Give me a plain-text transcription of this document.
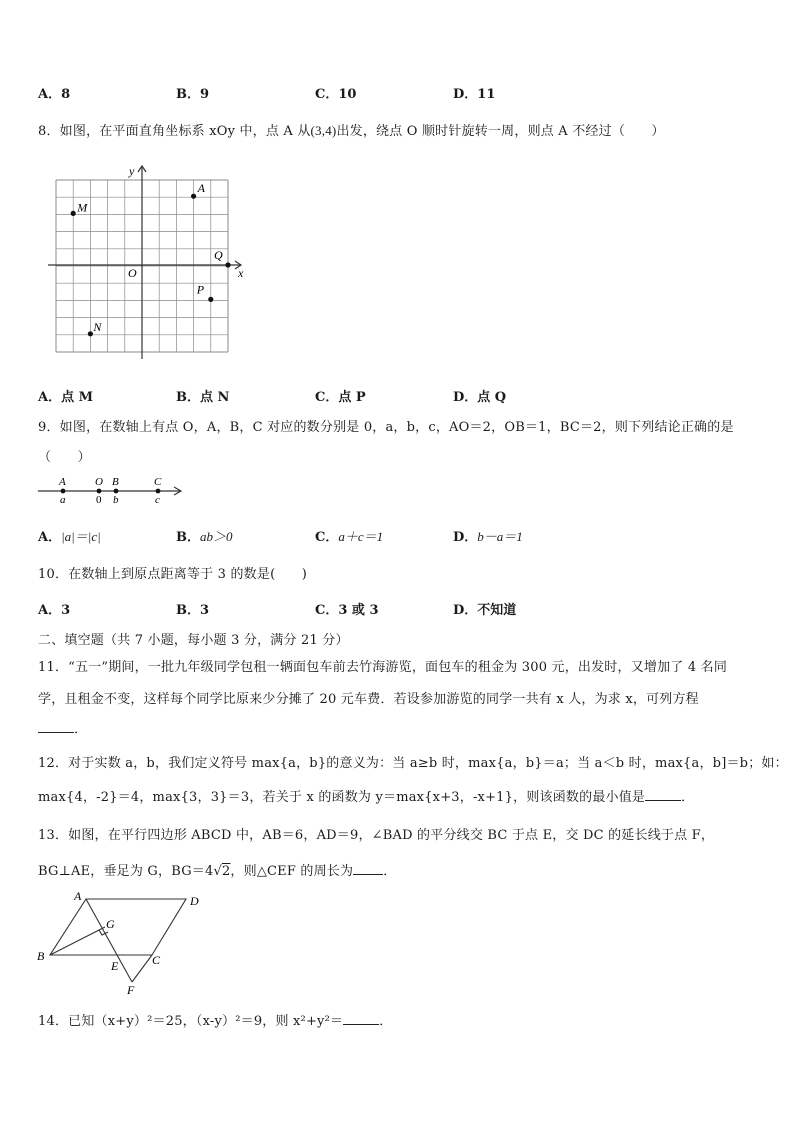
A．8	B．9	C．10	D．11
8．如图，在平面直角坐标系 xOy 中，点 A 从(3,4)出发，绕点 O 顺时针旋转一周，则点 A 不经过（　　）
x
y
O
A
M
Q
P
N
A．点 M	B．点 N	C．点 P	D．点 Q
9．如图，在数轴上有点 O，A，B，C 对应的数分别是 0，a，b，c，AO＝2，OB＝1，BC＝2，则下列结论正确的是
（　　）
A
a
O
0
B
b
C
c
A．|a|＝|c|	B．ab＞0	C．a＋c＝1	D．b－a＝1
10．在数轴上到原点距离等于 3 的数是(　　)
A．3	B．3	C．3 或 3	D．不知道
二、填空题（共 7 小题，每小题 3 分，满分 21 分）
11．“五一”期间，一批九年级同学包租一辆面包车前去竹海游览，面包车的租金为 300 元，出发时，又增加了 4 名同
学，且租金不变，这样每个同学比原来少分摊了 20 元车费．若设参加游览的同学一共有 x 人，为求 x，可列方程
．
12．对于实数 a，b，我们定义符号 max{a，b}的意义为：当 a≥b 时，max{a，b}＝a；当 a＜b 时，max{a，b]＝b；如：
max{4，-2}＝4，max{3，3}＝3，若关于 x 的函数为 y＝max{x+3，-x+1}，则该函数的最小值是	．
13．如图，在平行四边形 ABCD 中，AB＝6，AD＝9，∠BAD 的平分线交 BC 于点 E，交 DC 的延长线于点 F，
BG⊥AE，垂足为 G，BG＝4√2，则△CEF 的周长为 ．
A	D
G
B
E	C
F
14．已知（x+y）²＝25，（x-y）²＝9，则 x²+y²＝	．
